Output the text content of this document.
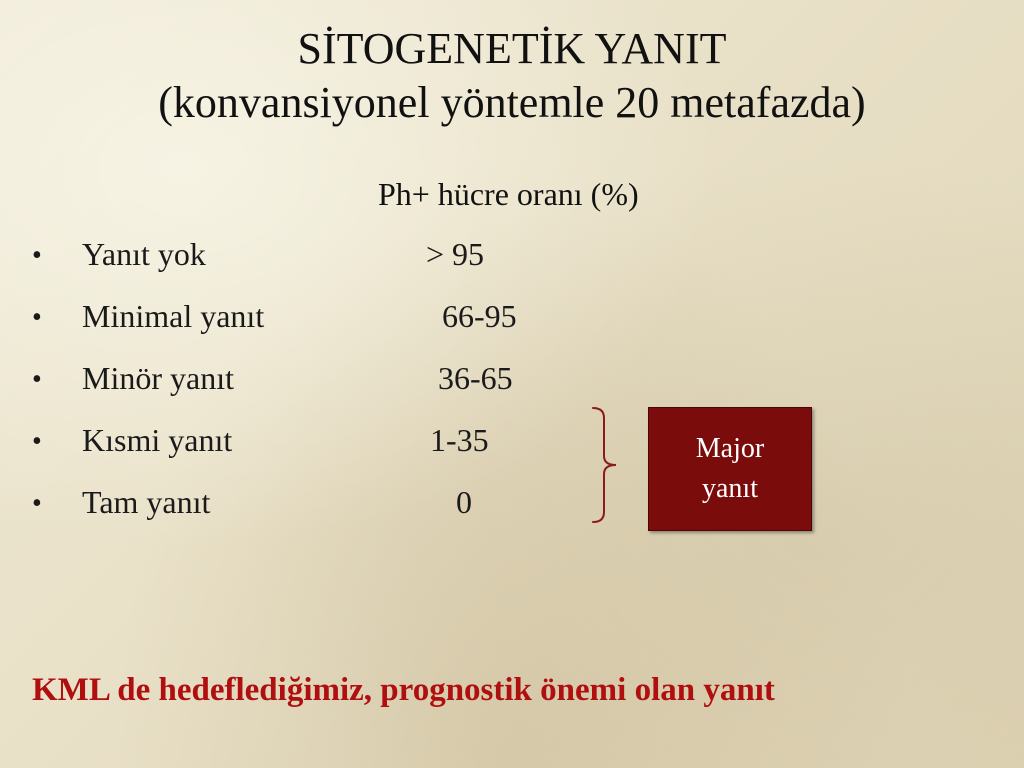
SİTOGENETİK YANIT
(konvansiyonel yöntemle 20 metafazda)
Ph+ hücre oranı (%)
• Yanıt yok	> 95
• Minimal yanıt	66-95
• Minör yanıt	36-65
• Kısmi yanıt	1-35
• Tam yanıt	0
Major
yanıt
KML de hedeflediğimiz, prognostik önemi olan yanıt
